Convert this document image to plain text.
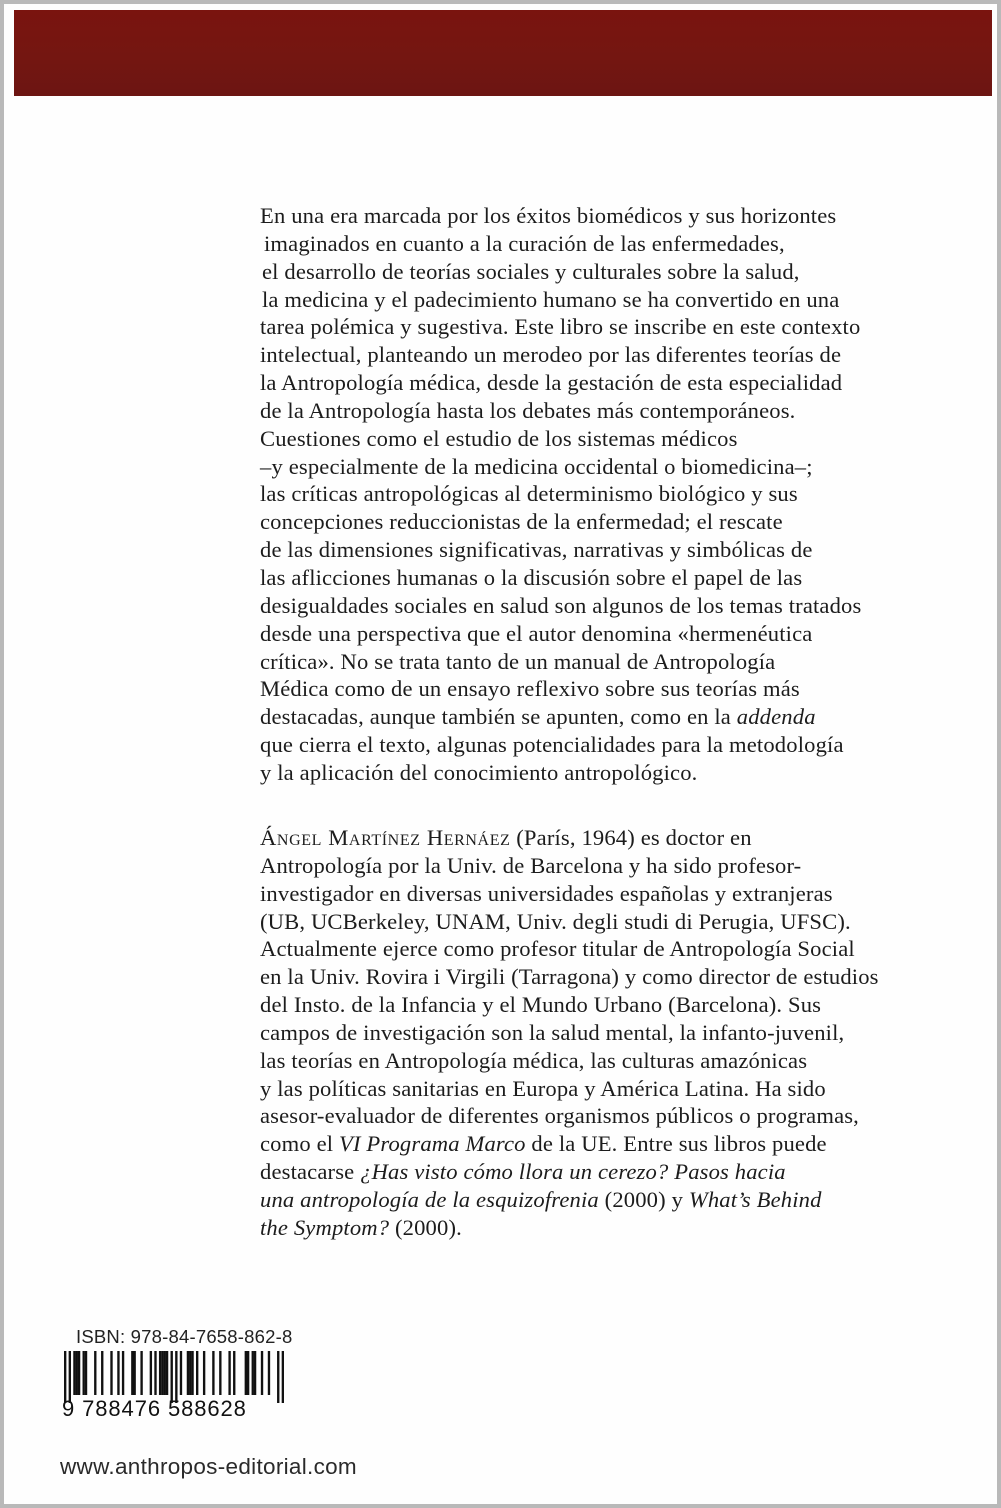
En una era marcada por los éxitos biomédicos y sus horizontes
imaginados en cuanto a la curación de las enfermedades,
el desarrollo de teorías sociales y culturales sobre la salud,
la medicina y el padecimiento humano se ha convertido en una
tarea polémica y sugestiva. Este libro se inscribe en este contexto
intelectual, planteando un merodeo por las diferentes teorías de
la Antropología médica, desde la gestación de esta especialidad
de la Antropología hasta los debates más contemporáneos.
Cuestiones como el estudio de los sistemas médicos
–y especialmente de la medicina occidental o biomedicina–;
las críticas antropológicas al determinismo biológico y sus
concepciones reduccionistas de la enfermedad; el rescate
de las dimensiones significativas, narrativas y simbólicas de
las aflicciones humanas o la discusión sobre el papel de las
desigualdades sociales en salud son algunos de los temas tratados
desde una perspectiva que el autor denomina «hermenéutica
crítica». No se trata tanto de un manual de Antropología
Médica como de un ensayo reflexivo sobre sus teorías más
destacadas, aunque también se apunten, como en la addenda
que cierra el texto, algunas potencialidades para la metodología
y la aplicación del conocimiento antropológico.
Ángel Martínez Hernáez (París, 1964) es doctor en
Antropología por la Univ. de Barcelona y ha sido profesor-
investigador en diversas universidades españolas y extranjeras
(UB, UCBerkeley, UNAM, Univ. degli studi di Perugia, UFSC).
Actualmente ejerce como profesor titular de Antropología Social
en la Univ. Rovira i Virgili (Tarragona) y como director de estudios
del Insto. de la Infancia y el Mundo Urbano (Barcelona). Sus
campos de investigación son la salud mental, la infanto-juvenil,
las teorías en Antropología médica, las culturas amazónicas
y las políticas sanitarias en Europa y América Latina. Ha sido
asesor-evaluador de diferentes organismos públicos o programas,
como el VI Programa Marco de la UE. Entre sus libros puede
destacarse ¿Has visto cómo llora un cerezo? Pasos hacia
una antropología de la esquizofrenia (2000) y What’s Behind
the Symptom? (2000).
ISBN: 978-84-7658-862-8
9 788476 588628
www.anthropos-editorial.com
